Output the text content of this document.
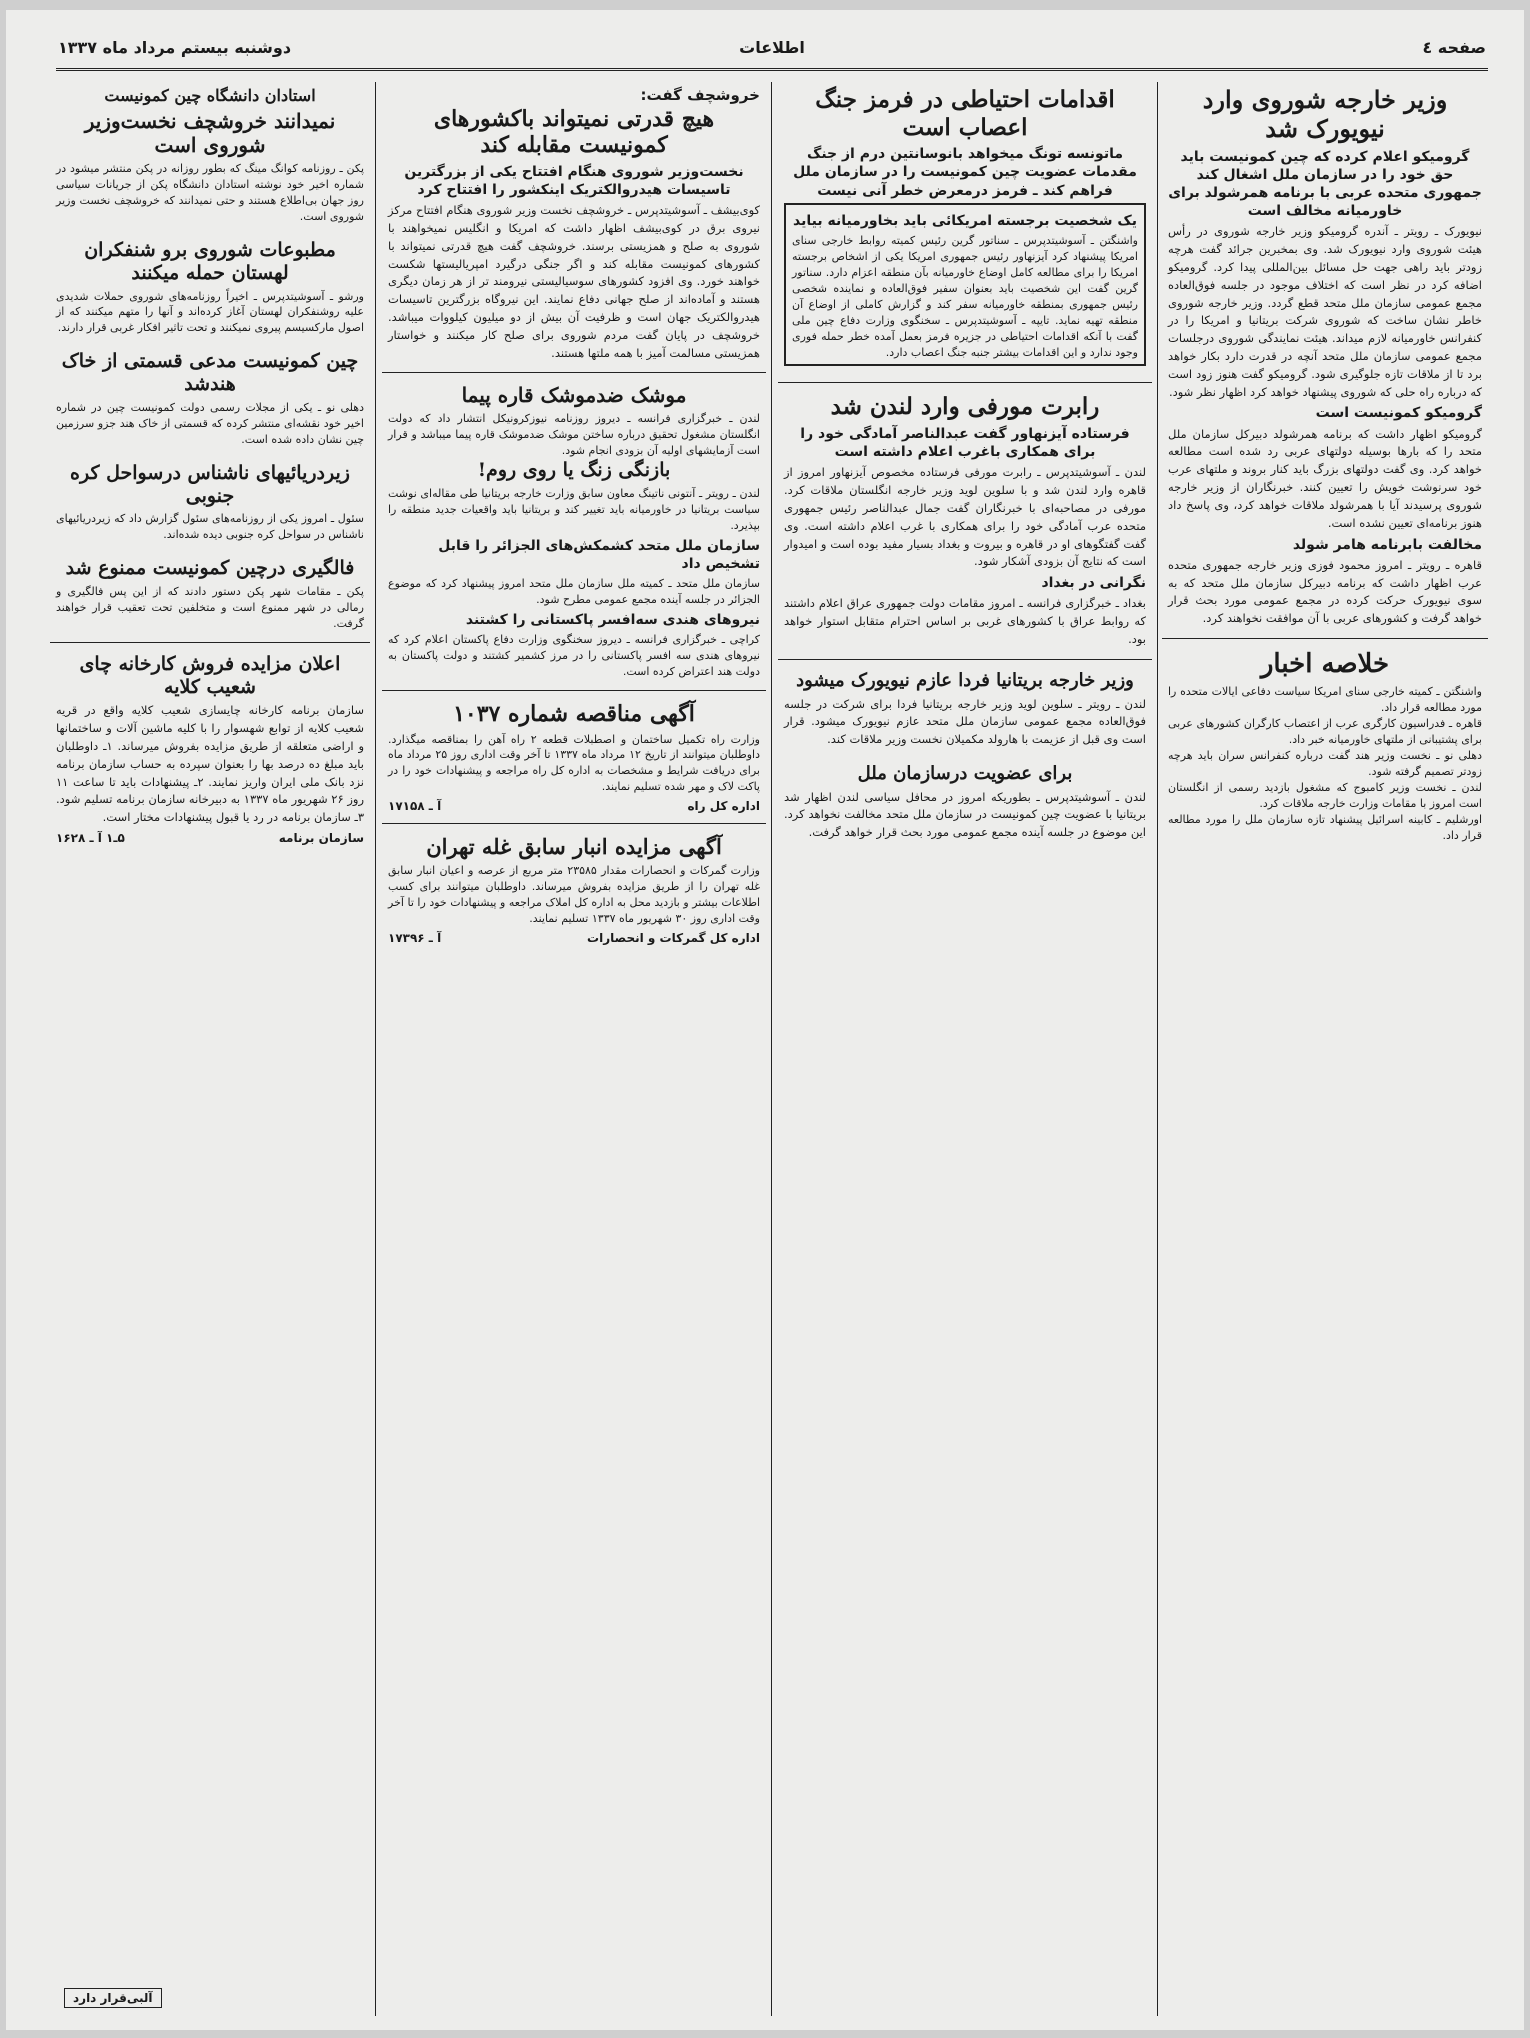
صفحه ٤
اطلاعات
دوشنبه بیستم مرداد ماه ۱۳۳۷
وزیر خارجه شوروی وارد نیویورک شد
گرومیکو اعلام کرده که چین کمونیست باید حق خود را در سازمان ملل اشغال کند جمهوری متحده عربی با برنامه همرشولد برای خاورمیانه مخالف است

نیویورک ـ رویتر ـ آندره گرومیکو وزیر خارجه شوروی در رأس هیئت شوروی وارد نیویورک شد. وی بمخبرین جرائد گفت هرچه زودتر باید راهی جهت حل مسائل بین‌المللی پیدا کرد. گرومیکو اضافه کرد در نظر است که اختلاف موجود در جلسه فوق‌العاده مجمع عمومی سازمان ملل متحد قطع گردد. وزیر خارجه شوروی خاطر نشان ساخت که شوروی شرکت بریتانیا و امریکا را در کنفرانس خاورمیانه لازم میداند. هیئت نمایندگی شوروی درجلسات مجمع عمومی سازمان ملل متحد آنچه در قدرت دارد بکار خواهد برد تا از ملاقات تازه جلوگیری شود. گرومیکو گفت هنوز زود است که درباره راه حلی که شوروی پیشنهاد خواهد کرد اظهار نظر شود.

گرومیکو کمونیست است

گرومیکو اظهار داشت که برنامه همرشولد دبیرکل سازمان ملل متحد را که بارها بوسیله دولتهای عربی رد شده است مطالعه خواهد کرد. وی گفت دولتهای بزرگ باید کنار بروند و ملتهای عرب خود سرنوشت خویش را تعیین کنند. خبرنگاران از وزیر خارجه شوروی پرسیدند آیا با همرشولد ملاقات خواهد کرد، وی پاسخ داد هنوز برنامه‌ای تعیین نشده است.

مخالفت بابرنامه هامر شولد

قاهره ـ رویتر ـ امروز محمود فوزی وزیر خارجه جمهوری متحده عرب اظهار داشت که برنامه دبیرکل سازمان ملل متحد که به سوی نیویورک حرکت کرده در مجمع عمومی مورد بحث قرار خواهد گرفت و کشورهای عربی با آن موافقت نخواهند کرد.

خلاصه اخبار

واشنگتن ـ کمیته خارجی سنای امریکا سیاست دفاعی ایالات متحده را مورد مطالعه قرار داد.

قاهره ـ فدراسیون کارگری عرب از اعتصاب کارگران کشورهای عربی برای پشتیبانی از ملتهای خاورمیانه خبر داد.

دهلی نو ـ نخست وزیر هند گفت درباره کنفرانس سران باید هرچه زودتر تصمیم گرفته شود.

لندن ـ نخست وزیر کامبوج که مشغول بازدید رسمی از انگلستان است امروز با مقامات وزارت خارجه ملاقات کرد.

اورشلیم ـ کابینه اسرائیل پیشنهاد تازه سازمان ملل را مورد مطالعه قرار داد.

اقدامات احتیاطی در فرمز جنگ اعصاب است
ماتونسه تونگ میخواهد بانوسانتین درم از جنگ مقدمات عضویت چین کمونیست را در سازمان ملل فراهم کند ـ فرمز درمعرض خطر آنی نیست
یک شخصیت برجسته امریکائی باید بخاورمیانه بیاید

واشنگتن ـ آسوشیتدپرس ـ سناتور گرین رئیس کمیته روابط خارجی سنای امریکا پیشنهاد کرد آیزنهاور رئیس جمهوری امریکا یکی از اشخاص برجسته امریکا را برای مطالعه کامل اوضاع خاورمیانه بآن منطقه اعزام دارد. سناتور گرین گفت این شخصیت باید بعنوان سفیر فوق‌العاده و نماینده شخصی رئیس جمهوری بمنطقه خاورمیانه سفر کند و گزارش کاملی از اوضاع آن منطقه تهیه نماید. تایپه ـ آسوشیتدپرس ـ سخنگوی وزارت دفاع چین ملی گفت با آنکه اقدامات احتیاطی در جزیره فرمز بعمل آمده خطر حمله فوری وجود ندارد و این اقدامات بیشتر جنبه جنگ اعصاب دارد.

رابرت مورفی وارد لندن شد
فرستاده آیزنهاور گفت عبدالناصر آمادگی خود را برای همکاری باغرب اعلام داشته است

لندن ـ آسوشیتدپرس ـ رابرت مورفی فرستاده مخصوص آیزنهاور امروز از قاهره وارد لندن شد و با سلوین لوید وزیر خارجه انگلستان ملاقات کرد. مورفی در مصاحبه‌ای با خبرنگاران گفت جمال عبدالناصر رئیس جمهوری متحده عرب آمادگی خود را برای همکاری با غرب اعلام داشته است. وی گفت گفتگوهای او در قاهره و بیروت و بغداد بسیار مفید بوده است و امیدوار است که نتایج آن بزودی آشکار شود.

نگرانی در بغداد

بغداد ـ خبرگزاری فرانسه ـ امروز مقامات دولت جمهوری عراق اعلام داشتند که روابط عراق با کشورهای غربی بر اساس احترام متقابل استوار خواهد بود.

وزیر خارجه بریتانیا فردا عازم نیویورک میشود

لندن ـ رویتر ـ سلوین لوید وزیر خارجه بریتانیا فردا برای شرکت در جلسه فوق‌العاده مجمع عمومی سازمان ملل متحد عازم نیویورک میشود. قرار است وی قبل از عزیمت با هارولد مکمیلان نخست وزیر ملاقات کند.

برای عضویت درسازمان ملل

لندن ـ آسوشیتدپرس ـ بطوریکه امروز در محافل سیاسی لندن اظهار شد بریتانیا با عضویت چین کمونیست در سازمان ملل متحد مخالفت نخواهد کرد. این موضوع در جلسه آینده مجمع عمومی مورد بحث قرار خواهد گرفت.

خروشچف گفت:
هیچ قدرتی نمیتواند باکشورهای کمونیست مقابله کند
نخست‌وزیر شوروی هنگام افتتاح یکی از بزرگترین تاسیسات هیدروالکتریک اینکشور را افتتاح کرد

کوی‌بیشف ـ آسوشیتدپرس ـ خروشچف نخست وزیر شوروی هنگام افتتاح مرکز نیروی برق در کوی‌بیشف اظهار داشت که امریکا و انگلیس نمیخواهند با شوروی به صلح و همزیستی برسند. خروشچف گفت هیچ قدرتی نمیتواند با کشورهای کمونیست مقابله کند و اگر جنگی درگیرد امپریالیستها شکست خواهند خورد. وی افزود کشورهای سوسیالیستی نیرومند تر از هر زمان دیگری هستند و آماده‌اند از صلح جهانی دفاع نمایند. این نیروگاه بزرگترین تاسیسات هیدروالکتریک جهان است و ظرفیت آن بیش از دو میلیون کیلووات میباشد. خروشچف در پایان گفت مردم شوروی برای صلح کار میکنند و خواستار همزیستی مسالمت آمیز با همه ملتها هستند.

موشک ضدموشک قاره پیما

لندن ـ خبرگزاری فرانسه ـ دیروز روزنامه نیوزکرونیکل انتشار داد که دولت انگلستان مشغول تحقیق درباره ساختن موشک ضدموشک قاره پیما میباشد و قرار است آزمایشهای اولیه آن بزودی انجام شود.

بازنگی زنگ یا روی روم!

لندن ـ رویتر ـ آنتونی ناتینگ معاون سابق وزارت خارجه بریتانیا طی مقاله‌ای نوشت سیاست بریتانیا در خاورمیانه باید تغییر کند و بریتانیا باید واقعیات جدید منطقه را بپذیرد.

سازمان ملل متحد کشمکش‌های الجزائر را قابل تشخیص داد

سازمان ملل متحد ـ کمیته ملل سازمان ملل متحد امروز پیشنهاد کرد که موضوع الجزائر در جلسه آینده مجمع عمومی مطرح شود.

نیروهای هندی سه‌افسر پاکستانی را کشتند

کراچی ـ خبرگزاری فرانسه ـ دیروز سخنگوی وزارت دفاع پاکستان اعلام کرد که نیروهای هندی سه افسر پاکستانی را در مرز کشمیر کشتند و دولت پاکستان به دولت هند اعتراض کرده است.

آگهی مناقصه شماره ۱۰۳۷

وزارت راه تکمیل ساختمان و اصطبلات قطعه ۲ راه آهن را بمناقصه میگذارد. داوطلبان میتوانند از تاریخ ۱۲ مرداد ماه ۱۳۳۷ تا آخر وقت اداری روز ۲۵ مرداد ماه برای دریافت شرایط و مشخصات به اداره کل راه مراجعه و پیشنهادات خود را در پاکت لاک و مهر شده تسلیم نمایند.

اداره کل راه
آ ـ ۱۷۱۵۸
آگهی مزایده انبار سابق غله تهران

وزارت گمرکات و انحصارات مقدار ۲۳۵۸۵ متر مربع از عرصه و اعیان انبار سابق غله تهران را از طریق مزایده بفروش میرساند. داوطلبان میتوانند برای کسب اطلاعات بیشتر و بازدید محل به اداره کل املاک مراجعه و پیشنهادات خود را تا آخر وقت اداری روز ۳۰ شهریور ماه ۱۳۳۷ تسلیم نمایند.

اداره کل گمرکات و انحصارات
آ ـ ۱۷۳۹۶
استادان دانشگاه چین کمونیست
نمیدانند خروشچف نخست‌وزیر شوروی است

پکن ـ روزنامه کوانگ مینگ که بطور روزانه در پکن منتشر میشود در شماره اخیر خود نوشته استادان دانشگاه پکن از جریانات سیاسی روز جهان بی‌اطلاع هستند و حتی نمیدانند که خروشچف نخست وزیر شوروی است.

مطبوعات شوروی برو شنفکران لهستان حمله میکنند

ورشو ـ آسوشیتدپرس ـ اخیراً روزنامه‌های شوروی حملات شدیدی علیه روشنفکران لهستان آغاز کرده‌اند و آنها را متهم میکنند که از اصول مارکسیسم پیروی نمیکنند و تحت تاثیر افکار غربی قرار دارند.

چین کمونیست مدعی قسمتی از خاک هندشد

دهلی نو ـ یکی از مجلات رسمی دولت کمونیست چین در شماره اخیر خود نقشه‌ای منتشر کرده که قسمتی از خاک هند جزو سرزمین چین نشان داده شده است.

زیردریائیهای ناشناس درسواحل کره جنوبی

سئول ـ امروز یکی از روزنامه‌های سئول گزارش داد که زیردریائیهای ناشناس در سواحل کره جنوبی دیده شده‌اند.

فالگیری درچین کمونیست ممنوع شد

پکن ـ مقامات شهر پکن دستور دادند که از این پس فالگیری و رمالی در شهر ممنوع است و متخلفین تحت تعقیب قرار خواهند گرفت.

اعلان مزایده فروش کارخانه چای شعیب کلایه

سازمان برنامه کارخانه چایسازی شعیب کلایه واقع در قریه شعیب کلایه از توابع شهسوار را با کلیه ماشین آلات و ساختمانها و اراضی متعلقه از طریق مزایده بفروش میرساند. ۱ـ داوطلبان باید مبلغ ده درصد بها را بعنوان سپرده به حساب سازمان برنامه نزد بانک ملی ایران واریز نمایند. ۲ـ پیشنهادات باید تا ساعت ۱۱ روز ۲۶ شهریور ماه ۱۳۳۷ به دبیرخانه سازمان برنامه تسلیم شود. ۳ـ سازمان برنامه در رد یا قبول پیشنهادات مختار است.

سازمان برنامه
۵ـ۱ آ ـ ۱۶۲۸
آلبی‌قرار دارد
